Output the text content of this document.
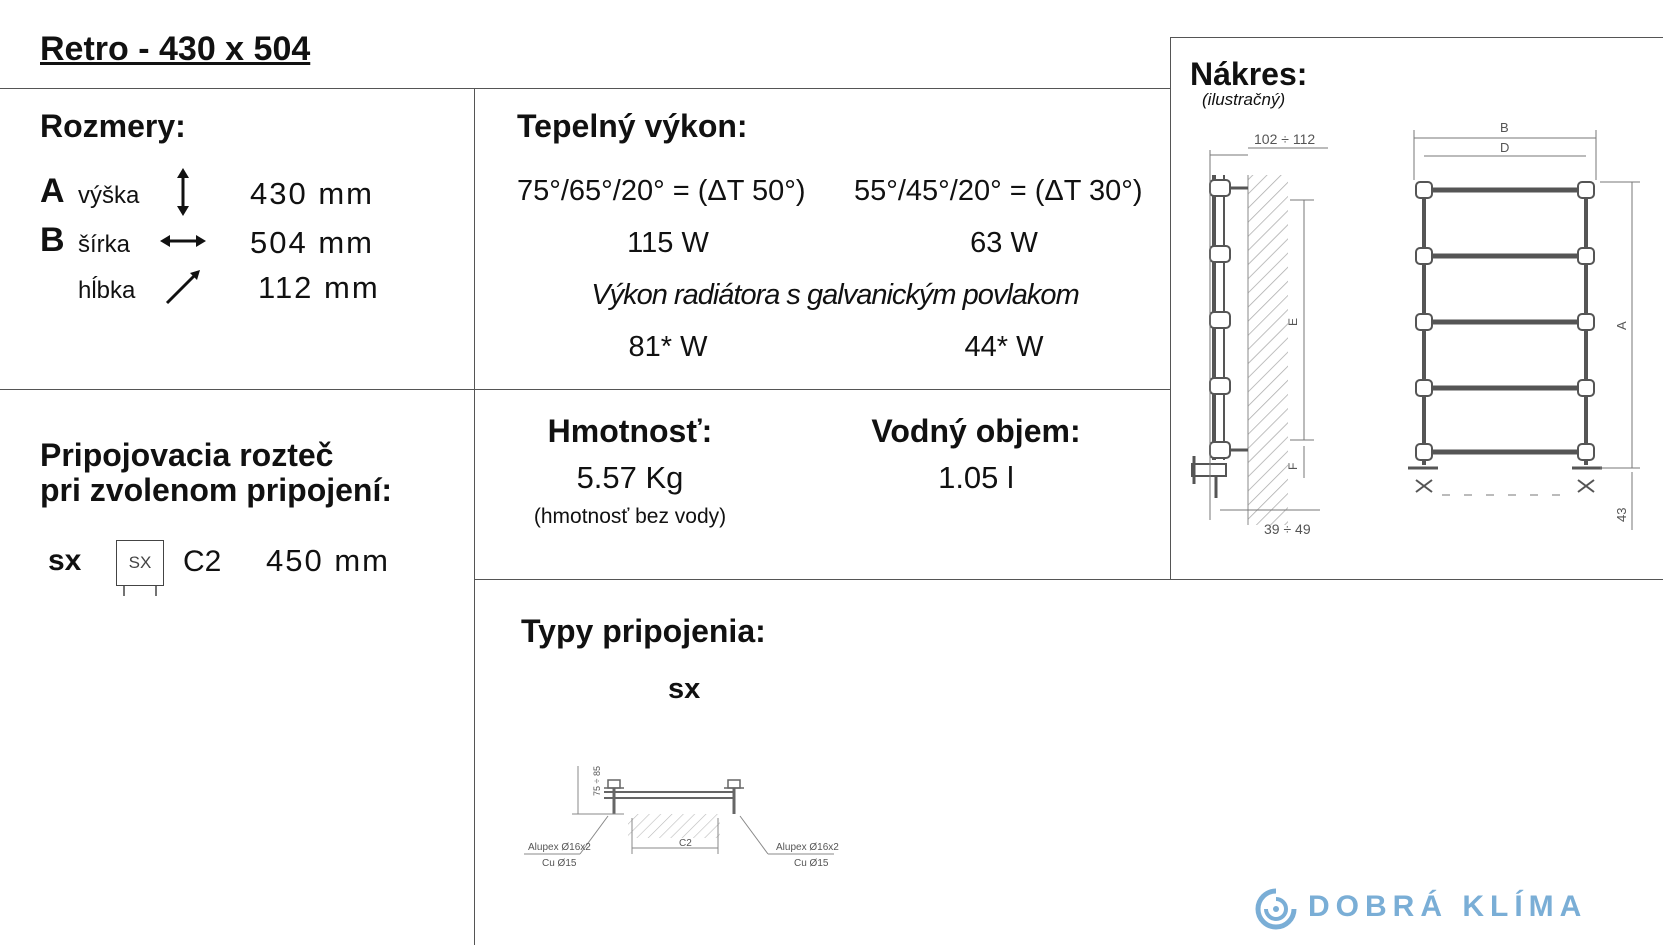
Retro - 430 x 504
Rozmery:
A výška	430 mm
B šírka	504 mm
hĺbka	112 mm
Tepelný výkon:
75°/65°/20° = (ΔT 50°) 55°/45°/20° = (ΔT 30°)
115 W	63 W
Výkon radiátora s galvanickým povlakom
81* W	44* W
Nákres:
(ilustračný)
102 ÷ 112
E
F
39 ÷ 49
B
D
A
43
Pripojovacia rozteč
pri zvolenom pripojení:
sx	SX C2 450 mm
Hmotnosť:
5.57 Kg
(hmotnosť bez vody)
Vodný objem:
1.05 l
Typy pripojenia:
sx
75 ÷ 85
C2
Alupex Ø16x2
Cu Ø15
Alupex Ø16x2
Cu Ø15
DOBRÁ KLÍMA
